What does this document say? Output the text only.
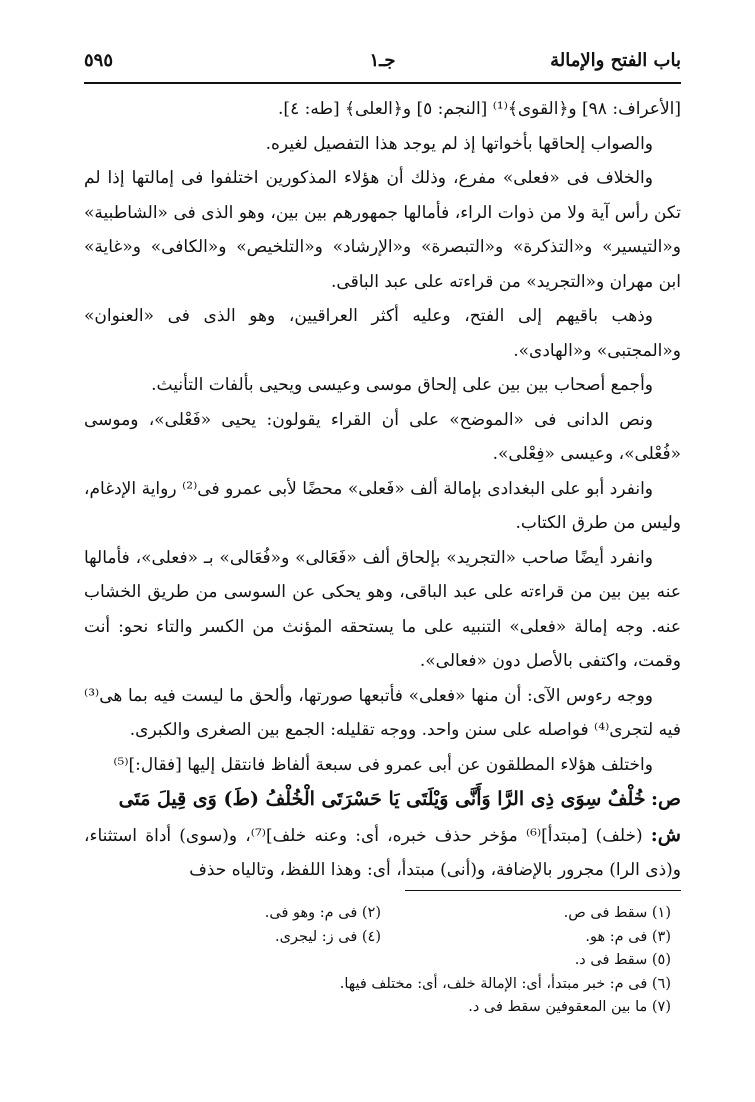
باب الفتح والإمالة
جـ١
٥٩٥

[الأعراف: ٩٨] و﴿القوى﴾⁽¹⁾ [النجم: ٥] و﴿العلى﴾ [طه: ٤].

والصواب إلحاقها بأخواتها إذ لم يوجد هذا التفصيل لغيره.

والخلاف فى «فعلى» مفرع، وذلك أن هؤلاء المذكورين اختلفوا فى إمالتها إذا لم تكن رأس آية ولا من ذوات الراء، فأمالها جمهورهم بين بين، وهو الذى فى «الشاطبية» و«التيسير» و«التذكرة» و«التبصرة» و«الإرشاد» و«التلخيص» و«الكافى» و«غاية» ابن مهران و«التجريد» من قراءته على عبد الباقى.

وذهب باقيهم إلى الفتح، وعليه أكثر العراقيين، وهو الذى فى «العنوان» و«المجتبى» و«الهادى».

وأجمع أصحاب بين بين على إلحاق موسى وعيسى ويحيى بألفات التأنيث.

ونص الدانى فى «الموضح» على أن القراء يقولون: يحيى «فَعْلى»، وموسى «فُعْلى»، وعيسى «فِعْلى».

وانفرد أبو على البغدادى بإمالة ألف «فَعلى» محضًا لأبى عمرو فى⁽²⁾ رواية الإدغام، وليس من طرق الكتاب.

وانفرد أيضًا صاحب «التجريد» بإلحاق ألف «فَعَالى» و«فُعَالى» بـ «فعلى»، فأمالها عنه بين بين من قراءته على عبد الباقى، وهو يحكى عن السوسى من طريق الخشاب عنه. وجه إمالة «فعلى» التنبيه على ما يستحقه المؤنث من الكسر والتاء نحو: أنت وقمت، واكتفى بالأصل دون «فعالى».

ووجه رءوس الآى: أن منها «فعلى» فأتبعها صورتها، وألحق ما ليست فيه بما هى⁽³⁾ فيه لتجرى⁽⁴⁾ فواصله على سنن واحد. ووجه تقليله: الجمع بين الصغرى والكبرى.

واختلف هؤلاء المطلقون عن أبى عمرو فى سبعة ألفاظ فانتقل إليها [فقال:]⁽⁵⁾

ص: خُلْفٌ سِوَى ذِى الرَّا وَأَنَّى وَيْلَتَى يَا حَسْرَتَى الْخُلْفُ (طَ) وَى قِيلَ مَتَى

ش: (خلف) [مبتدأ]⁽⁶⁾ مؤخر حذف خبره، أى: وعنه خلف]⁽⁷⁾، و(سوى) أداة استثناء، و(ذى الرا) مجرور بالإضافة، و(أنى) مبتدأ، أى: وهذا اللفظ، وتالياه حذف

(١) سقط فى ص.
(٢) فى م: وهو فى.
(٣) فى م: هو.
(٤) فى ز: ليجرى.
(٥) سقط فى د.
(٦) فى م: خبر مبتدأ، أى: الإمالة خلف، أى: مختلف فيها.
(٧) ما بين المعقوفين سقط فى د.
